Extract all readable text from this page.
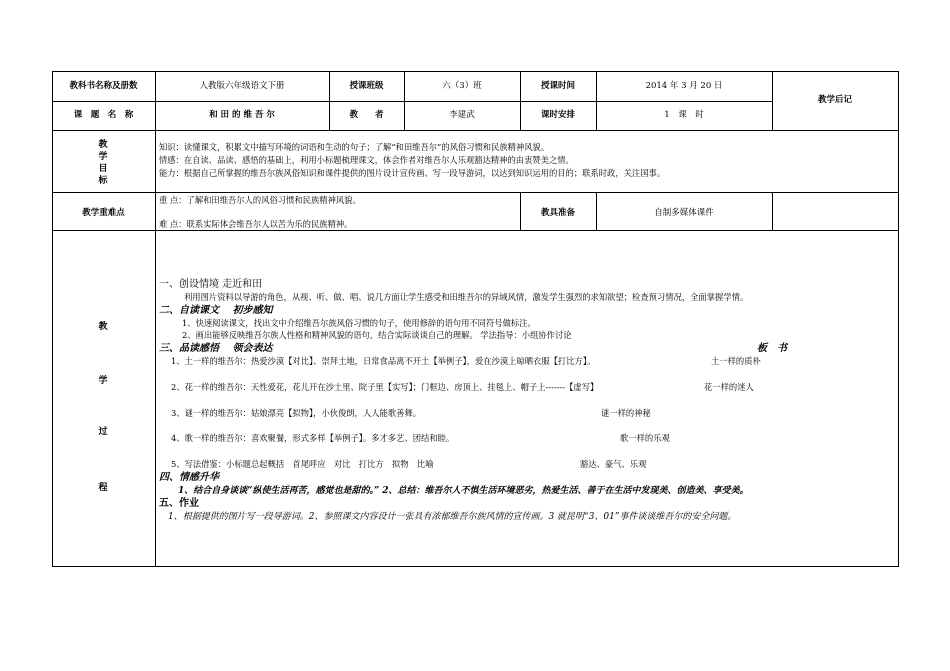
教科书名称及册数	人教版六年级语文下册	授课班级	六（3）班	授课时间	2014 年 3 月 20 日
教学后记
课　题　名　称	和 田 的 维 吾 尔	教　　者	李建武	课时安排	1　课　时
教
学
目
标
知识：读懂课文，积累文中描写环境的词语和生动的句子；了解“和田维吾尔”的风俗习惯和民族精神风貌。
情感：在自读、品读、感悟的基础上，利用小标题梳理课文，体会作者对维吾尔人乐观豁达精神的由衷赞美之情。
能力：根据自己所掌握的维吾尔族风俗知识和课件提供的图片设计宣传画、写一段导游词，以达到知识运用的目的；联系时政，关注国事。
教学重难点
重 点：了解和田维吾尔人的风俗习惯和民族精神风貌。
难 点：联系实际体会维吾尔人以苦为乐的民族精神。
教具准备	自制多媒体课件
教
学
过
程
一、创设情境 走近和田
利用图片资料以导游的角色，从视、听、做、唱、说几方面让学生感受和田维吾尔的异域风情，激发学生强烈的求知欲望；检查预习情况，全面掌握学情。
二、自读课文　 初步感知
1、快速阅读课文，找出文中介绍维吾尔族风俗习惯的句子，使用修辞的语句用不同符号做标注。
2、画出能够反映维吾尔族人性格和精神风貌的语句，结合实际谈谈自己的理解。 学法指导：小组协作讨论
三、品读感悟　 领会表达	板　书
1、土一样的维吾尔：热爱沙漠【对比】、崇拜土地，日常食品离不开土【举例子】，爱在沙漠上晾晒衣服【打比方】。	土一样的质朴
2、花一样的维吾尔：天性爱花，花儿开在沙土里、院子里【实写】；门框边、房顶上、挂毯上、帽子上-------【虚写】	花一样的迷人
3、谜一样的维吾尔：姑娘漂亮【拟物】，小伙俊朗，人人能歌善舞。	谜一样的神秘
4、歌一样的维吾尔：喜欢聚餐，形式多样【举例子】。多才多艺、团结和睦。	歌一样的乐观
5、写法借鉴：小标题总起概括　首尾呼应　对比　打比方　拟物　比喻	豁达、豪气、乐观
四、情感升华
1、结合自身谈谈“纵使生活再苦，感觉也是甜的。” 2、总结：维吾尔人不惧生活环境恶劣，热爱生活、善于在生活中发现美、创造美、享受美。
五、作业
1、根据提供的图片写一段导游词。2、参照课文内容设计一张具有浓郁维吾尔族风情的宣传画。3 就昆明“3、01”事件谈谈维吾尔的安全问题。
